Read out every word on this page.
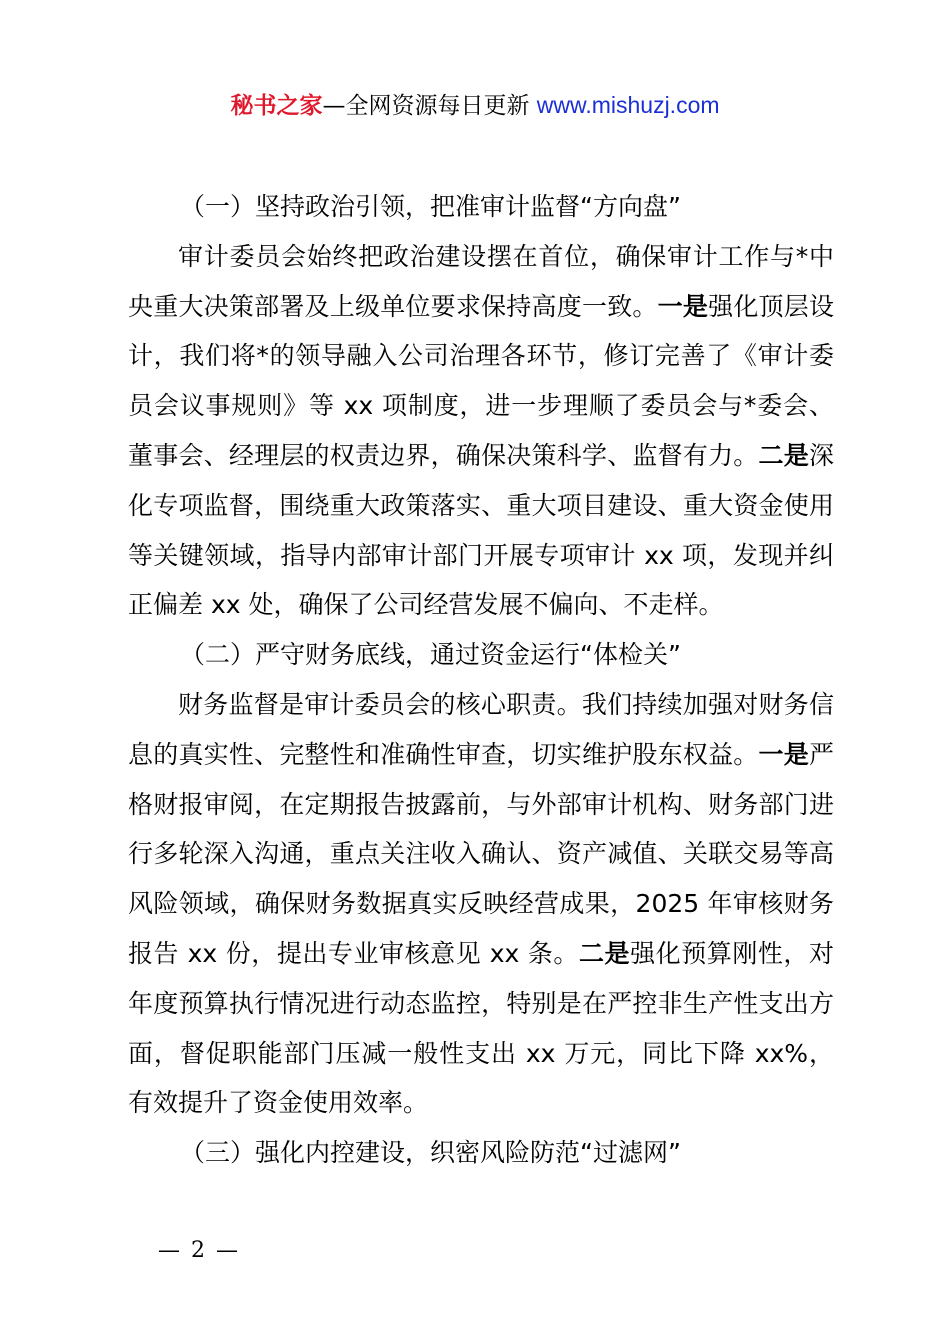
秘书之家—全网资源每日更新 www.mishuzj.com

（一）坚持政治引领，把准审计监督“方向盘”

审计委员会始终把政治建设摆在首位，确保审计工作与*中央重大决策部署及上级单位要求保持高度一致。一是强化顶层设计，我们将*的领导融入公司治理各环节，修订完善了《审计委员会议事规则》等 xx 项制度，进一步理顺了委员会与*委会、董事会、经理层的权责边界，确保决策科学、监督有力。二是深化专项监督，围绕重大政策落实、重大项目建设、重大资金使用等关键领域，指导内部审计部门开展专项审计 xx 项，发现并纠正偏差 xx 处，确保了公司经营发展不偏向、不走样。

（二）严守财务底线，通过资金运行“体检关”

财务监督是审计委员会的核心职责。我们持续加强对财务信息的真实性、完整性和准确性审查，切实维护股东权益。一是严格财报审阅，在定期报告披露前，与外部审计机构、财务部门进行多轮深入沟通，重点关注收入确认、资产减值、关联交易等高风险领域，确保财务数据真实反映经营成果，2025 年审核财务报告 xx 份，提出专业审核意见 xx 条。二是强化预算刚性，对年度预算执行情况进行动态监控，特别是在严控非生产性支出方面，督促职能部门压减一般性支出 xx 万元，同比下降 xx%，有效提升了资金使用效率。

（三）强化内控建设，织密风险防范“过滤网”

— 2 —
